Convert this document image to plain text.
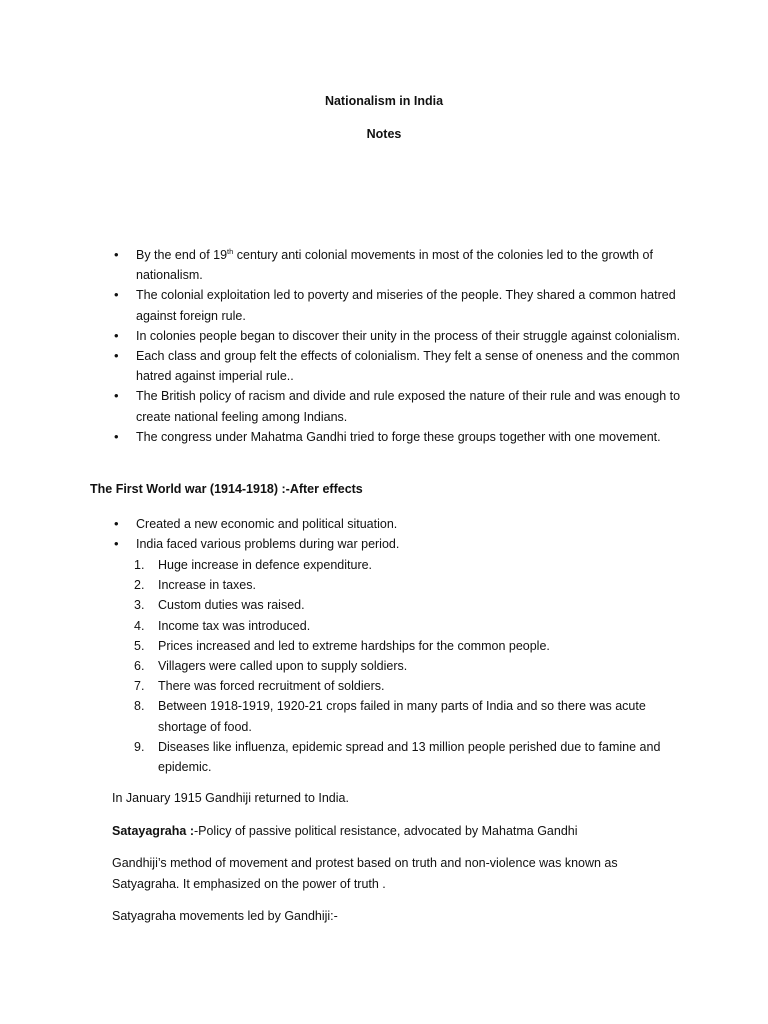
Nationalism in India
Notes
• By the end of 19th century anti colonial movements in most of the colonies led to the growth of nationalism.
• The colonial exploitation led to poverty and miseries of the people. They shared a common hatred against foreign rule.
• In colonies people began to discover their unity in the process of their struggle against colonialism.
• Each class and group felt the effects of colonialism. They felt a sense of oneness and the common hatred against imperial rule..
• The British policy of racism and divide and rule exposed the nature of their rule and was enough to create national feeling among Indians.
• The congress under Mahatma Gandhi tried to forge these groups together with one movement.
The First World war (1914-1918) :-After effects
• Created a new economic and political situation.
• India faced various problems during war period.
1. Huge increase in defence expenditure.
2. Increase in taxes.
3. Custom duties was raised.
4. Income tax was introduced.
5. Prices increased and led to extreme hardships for the common people.
6. Villagers were called upon to supply soldiers.
7. There was forced recruitment of soldiers.
8. Between 1918-1919, 1920-21 crops failed in many parts of India and so there was acute shortage of food.
9. Diseases like influenza, epidemic spread and 13 million people perished due to famine and epidemic.

In January 1915 Gandhiji returned to India.

Satayagraha :-Policy of passive political resistance, advocated by Mahatma Gandhi

Gandhiji’s method of movement and protest based on truth and non-violence was known as Satyagraha. It emphasized on the power of truth .

Satyagraha movements led by Gandhiji:-
